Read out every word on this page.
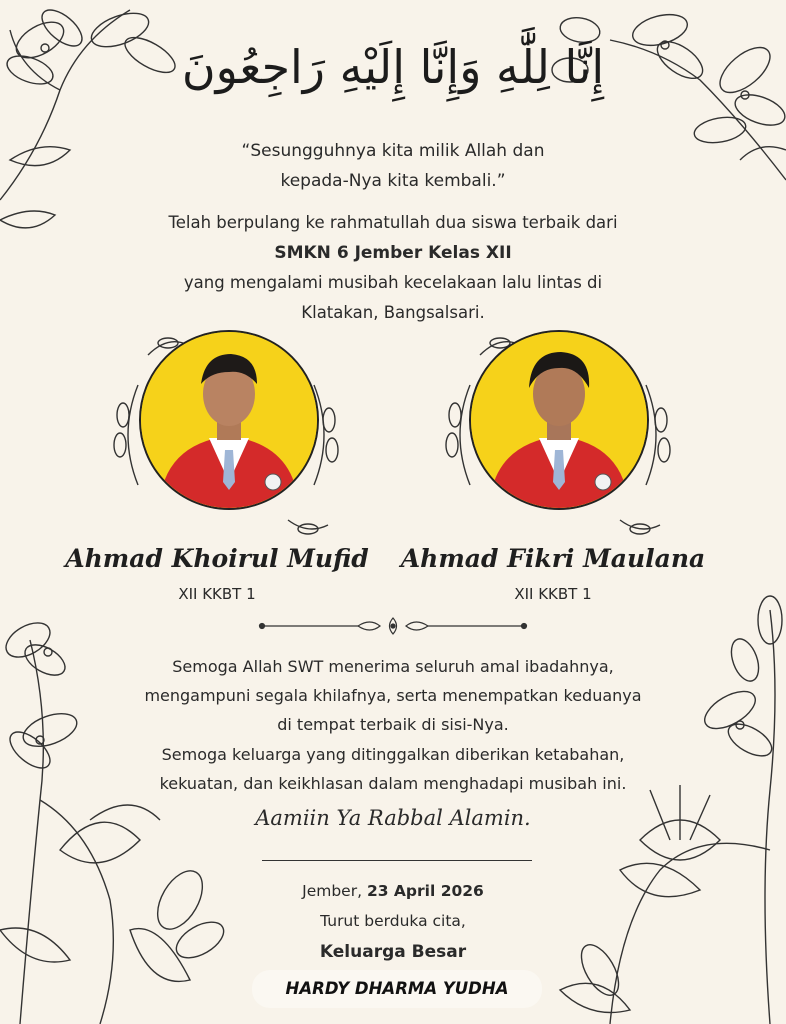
إِنَّا لِلَّٰهِ وَإِنَّا إِلَيْهِ رَاجِعُونَ
“Sesungguhnya kita milik Allah dan
kepada-Nya kita kembali.”
Telah berpulang ke rahmatullah dua siswa terbaik dari
SMKN 6 Jember Kelas XII
yang mengalami musibah kecelakaan lalu lintas di
Klatakan, Bangsalsari.
Ahmad Khoirul Mufid
XII KKBT 1
Ahmad Fikri Maulana
XII KKBT 1
Semoga Allah SWT menerima seluruh amal ibadahnya,
mengampuni segala khilafnya, serta menempatkan keduanya
di tempat terbaik di sisi-Nya.
Semoga keluarga yang ditinggalkan diberikan ketabahan,
kekuatan, dan keikhlasan dalam menghadapi musibah ini.
Aamiin Ya Rabbal Alamin.
Jember, 23 April 2026
Turut berduka cita,
Keluarga Besar
HARDY DHARMA YUDHA
